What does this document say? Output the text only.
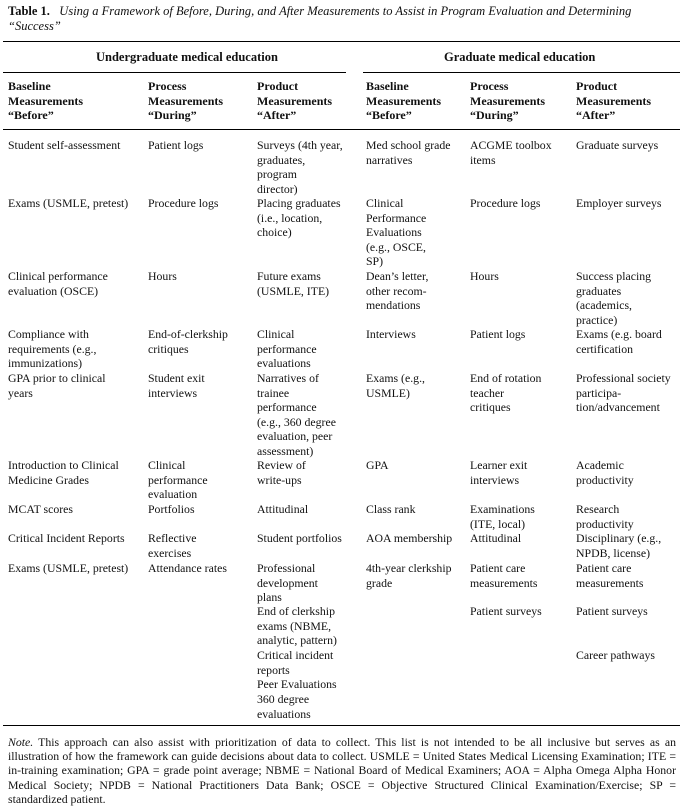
Table 1. Using a Framework of Before, During, and After Measurements to Assist in Program Evaluation and Determining “Success”
Undergraduate medical education	Graduate medical education
Baseline
Measurements
“Before”
Process
Measurements
“During”
Product
Measurements
“After”
Baseline
Measurements
“Before”
Process
Measurements
“During”
Product
Measurements
“After”
Student self-assessment
Exams (USMLE, pretest)
Clinical performance
evaluation (OSCE)
Compliance with
requirements (e.g.,
immunizations)
GPA prior to clinical
years
Introduction to Clinical
Medicine Grades
MCAT scores
Critical Incident Reports
Exams (USMLE, pretest)
Patient logs
Procedure logs
Hours
End-of-clerkship
critiques
Student exit
interviews
Clinical
performance
evaluation
Portfolios
Reflective
exercises
Attendance rates
Surveys (4th year,
graduates,
program
director)
Placing graduates
(i.e., location,
choice)
Future exams
(USMLE, ITE)
Clinical
performance
evaluations
Narratives of
trainee
performance
(e.g., 360 degree
evaluation, peer
assessment)
Review of
write-ups
Attitudinal
Student portfolios
Professional
development
plans
End of clerkship
exams (NBME,
analytic, pattern)
Critical incident
reports
Peer Evaluations
360 degree
evaluations
Med school grade
narratives
Clinical
Performance
Evaluations
(e.g., OSCE,
SP)
Dean’s letter,
other recom-
mendations
Interviews
Exams (e.g.,
USMLE)
GPA
Class rank
AOA membership
4th-year clerkship
grade
ACGME toolbox
items
Procedure logs
Hours
Patient logs
End of rotation
teacher
critiques
Learner exit
interviews
Examinations
(ITE, local)
Attitudinal
Patient care
measurements
Patient surveys
Graduate surveys
Employer surveys
Success placing
graduates
(academics,
practice)
Exams (e.g. board
certification
Professional society
participa-
tion/advancement
Academic
productivity
Research
productivity
Disciplinary (e.g.,
NPDB, license)
Patient care
measurements
Patient surveys
Career pathways
Note. This approach can also assist with prioritization of data to collect. This list is not intended to be all inclusive but serves as an illustration of how the framework can guide decisions about data to collect. USMLE = United States Medical Licensing Examination; ITE = in-training examination; GPA = grade point average; NBME = National Board of Medical Examiners; AOA = Alpha Omega Alpha Honor Medical Society; NPDB = National Practitioners Data Bank; OSCE = Objective Structured Clinical Examination/Exercise; SP = standardized patient.
